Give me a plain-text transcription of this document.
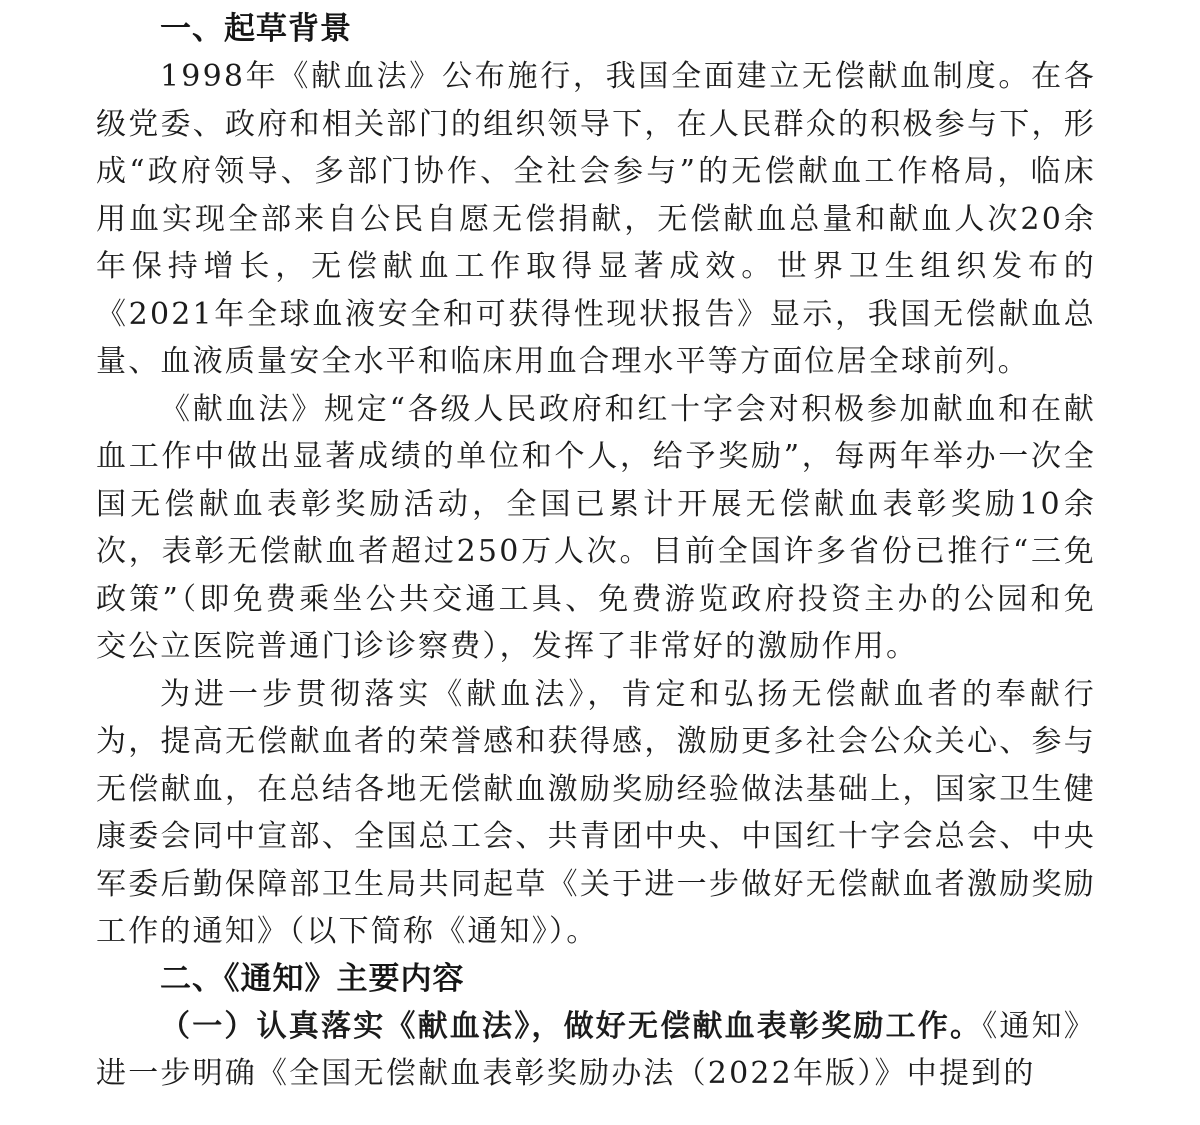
一、起草背景

1998年《献血法》公布施行，我国全面建立无偿献血制度。在各级党委、政府和相关部门的组织领导下，在人民群众的积极参与下，形成“政府领导、多部门协作、全社会参与”的无偿献血工作格局，临床用血实现全部来自公民自愿无偿捐献，无偿献血总量和献血人次20余年保持增长，无偿献血工作取得显著成效。世界卫生组织发布的《2021年全球血液安全和可获得性现状报告》显示，我国无偿献血总量、血液质量安全水平和临床用血合理水平等方面位居全球前列。

《献血法》规定“各级人民政府和红十字会对积极参加献血和在献血工作中做出显著成绩的单位和个人，给予奖励”，每两年举办一次全国无偿献血表彰奖励活动，全国已累计开展无偿献血表彰奖励10余次，表彰无偿献血者超过250万人次。目前全国许多省份已推行“三免政策”（即免费乘坐公共交通工具、免费游览政府投资主办的公园和免交公立医院普通门诊诊察费），发挥了非常好的激励作用。

为进一步贯彻落实《献血法》，肯定和弘扬无偿献血者的奉献行为，提高无偿献血者的荣誉感和获得感，激励更多社会公众关心、参与无偿献血，在总结各地无偿献血激励奖励经验做法基础上，国家卫生健康委会同中宣部、全国总工会、共青团中央、中国红十字会总会、中央军委后勤保障部卫生局共同起草《关于进一步做好无偿献血者激励奖励工作的通知》（以下简称《通知》）。

二、《通知》主要内容

（一）认真落实《献血法》，做好无偿献血表彰奖励工作。《通知》进一步明确《全国无偿献血表彰奖励办法（2022年版）》中提到的
